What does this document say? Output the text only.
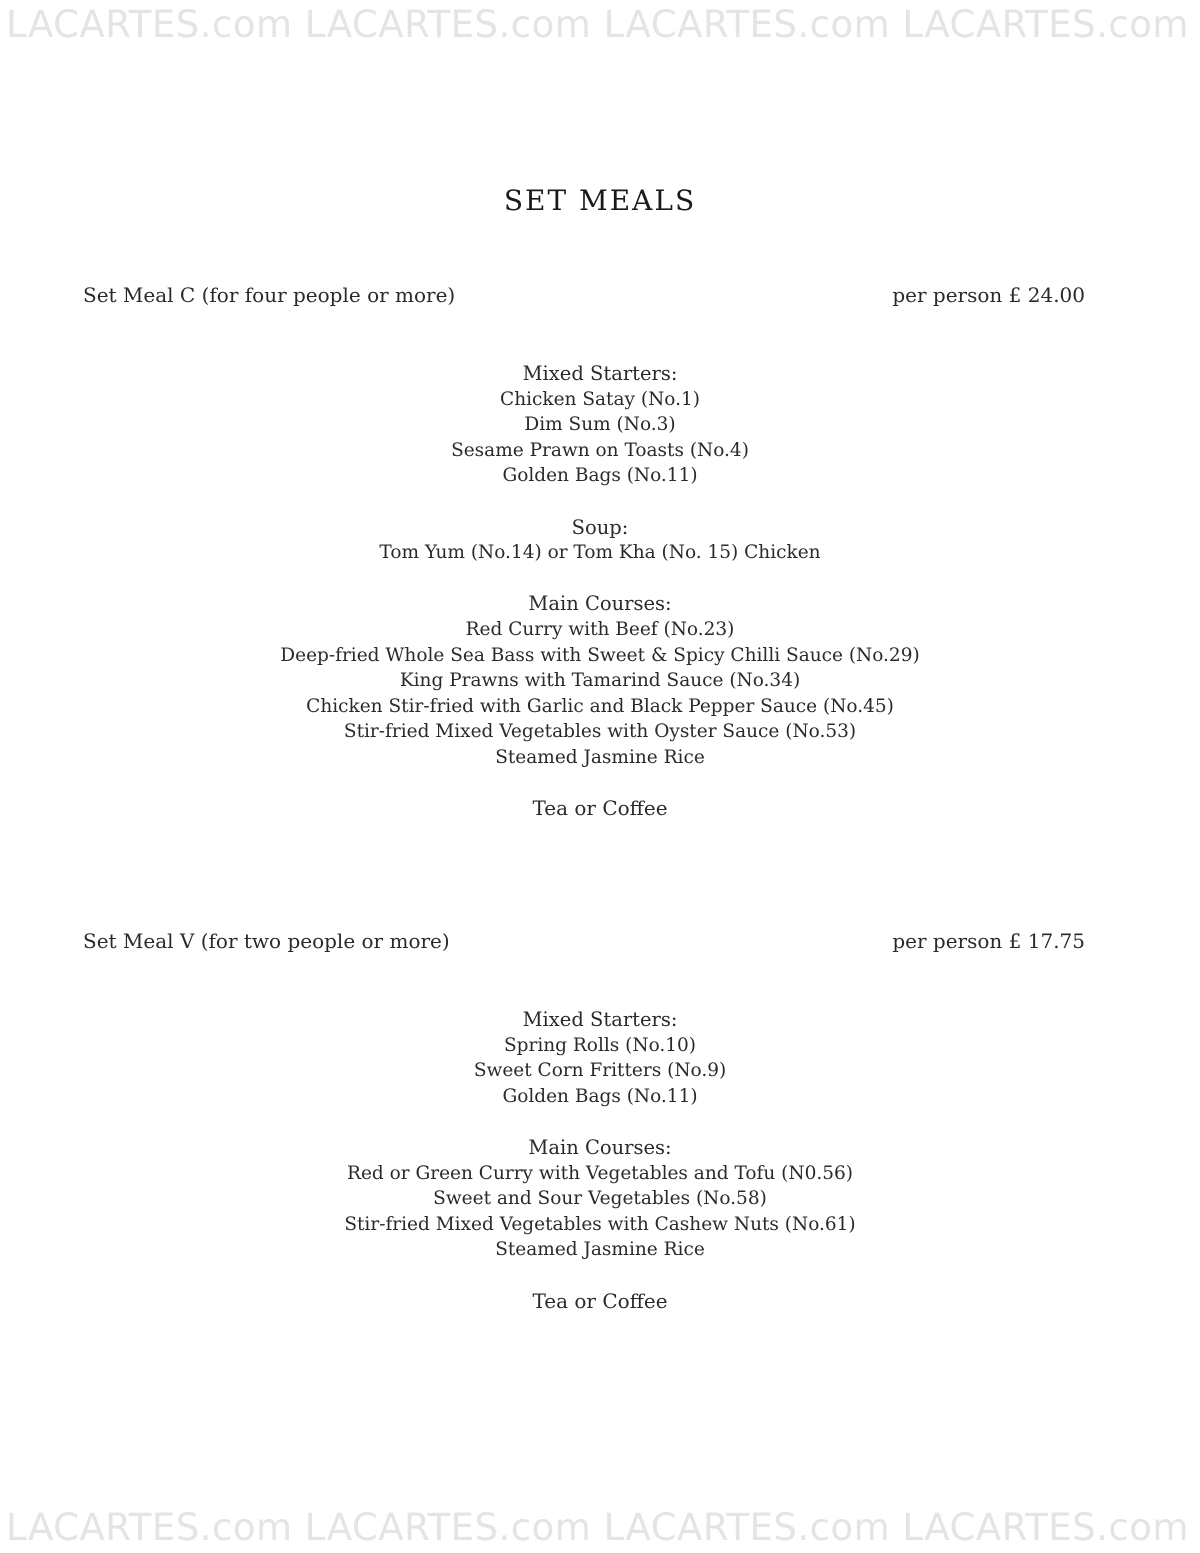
LACARTES.com LACARTES.com LACARTES.com LACARTES.com
SET MEALS
Set Meal C (for four people or more)	per person £ 24.00
Mixed Starters:
Chicken Satay (No.1)
Dim Sum (No.3)
Sesame Prawn on Toasts (No.4)
Golden Bags (No.11)
Soup:
Tom Yum (No.14) or Tom Kha (No. 15) Chicken
Main Courses:
Red Curry with Beef (No.23)
Deep-fried Whole Sea Bass with Sweet & Spicy Chilli Sauce (No.29)
King Prawns with Tamarind Sauce (No.34)
Chicken Stir-fried with Garlic and Black Pepper Sauce (No.45)
Stir-fried Mixed Vegetables with Oyster Sauce (No.53)
Steamed Jasmine Rice
Tea or Coffee
Set Meal V (for two people or more)	per person £ 17.75
Mixed Starters:
Spring Rolls (No.10)
Sweet Corn Fritters (No.9)
Golden Bags (No.11)
Main Courses:
Red or Green Curry with Vegetables and Tofu (N0.56)
Sweet and Sour Vegetables (No.58)
Stir-fried Mixed Vegetables with Cashew Nuts (No.61)
Steamed Jasmine Rice
Tea or Coffee
LACARTES.com LACARTES.com LACARTES.com LACARTES.com
